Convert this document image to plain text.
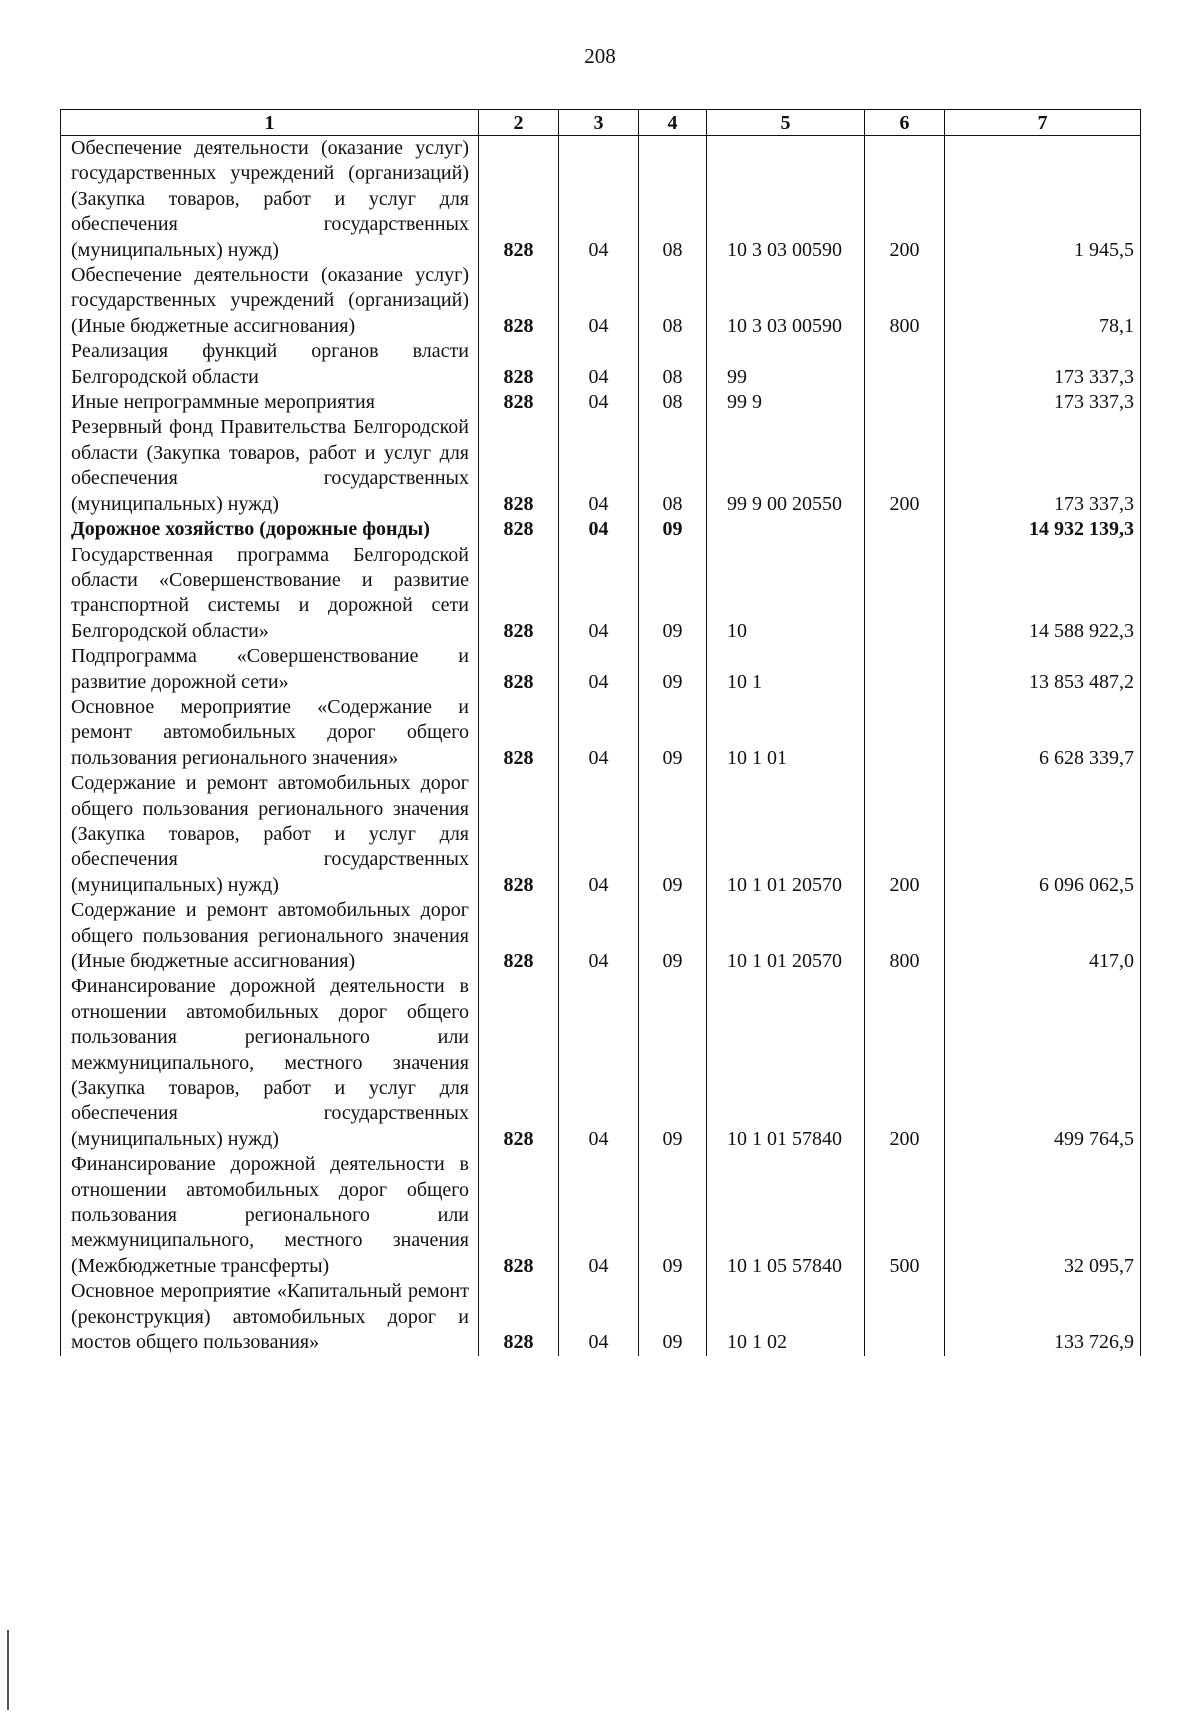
208
1	2	3	4	5	6	7
Обеспечение деятельности (оказание услуг) государственных учреждений (организаций) (Закупка товаров, работ и услуг для обеспечения государственных (муниципальных) нужд)	828	04	08	10 3 03 00590	200	1 945,5
Обеспечение деятельности (оказание услуг) государственных учреждений (организаций) (Иные бюджетные ассигнования)	828	04	08	10 3 03 00590	800	78,1
Реализация функций органов власти Белгородской области	828	04	08	99		173 337,3
Иные непрограммные мероприятия	828	04	08	99 9		173 337,3
Резервный фонд Правительства Белгородской области (Закупка товаров, работ и услуг для обеспечения государственных (муниципальных) нужд)	828	04	08	99 9 00 20550	200	173 337,3
Дорожное хозяйство (дорожные фонды)	828	04	09			14 932 139,3
Государственная программа Белгородской области «Совершенствование и развитие транспортной системы и дорожной сети Белгородской области»	828	04	09	10		14 588 922,3
Подпрограмма «Совершенствование и развитие дорожной сети»	828	04	09	10 1		13 853 487,2
Основное мероприятие «Содержание и ремонт автомобильных дорог общего пользования регионального значения»	828	04	09	10 1 01		6 628 339,7
Содержание и ремонт автомобильных дорог общего пользования регионального значения (Закупка товаров, работ и услуг для обеспечения государственных (муниципальных) нужд)	828	04	09	10 1 01 20570	200	6 096 062,5
Содержание и ремонт автомобильных дорог общего пользования регионального значения (Иные бюджетные ассигнования)	828	04	09	10 1 01 20570	800	417,0
Финансирование дорожной деятельности в отношении автомобильных дорог общего пользования регионального или межмуниципального, местного значения (Закупка товаров, работ и услуг для обеспечения государственных (муниципальных) нужд)	828	04	09	10 1 01 57840	200	499 764,5
Финансирование дорожной деятельности в отношении автомобильных дорог общего пользования регионального или межмуниципального, местного значения (Межбюджетные трансферты)	828	04	09	10 1 05 57840	500	32 095,7
Основное мероприятие «Капитальный ремонт (реконструкция) автомобильных дорог и мостов общего пользования»	828	04	09	10 1 02		133 726,9
